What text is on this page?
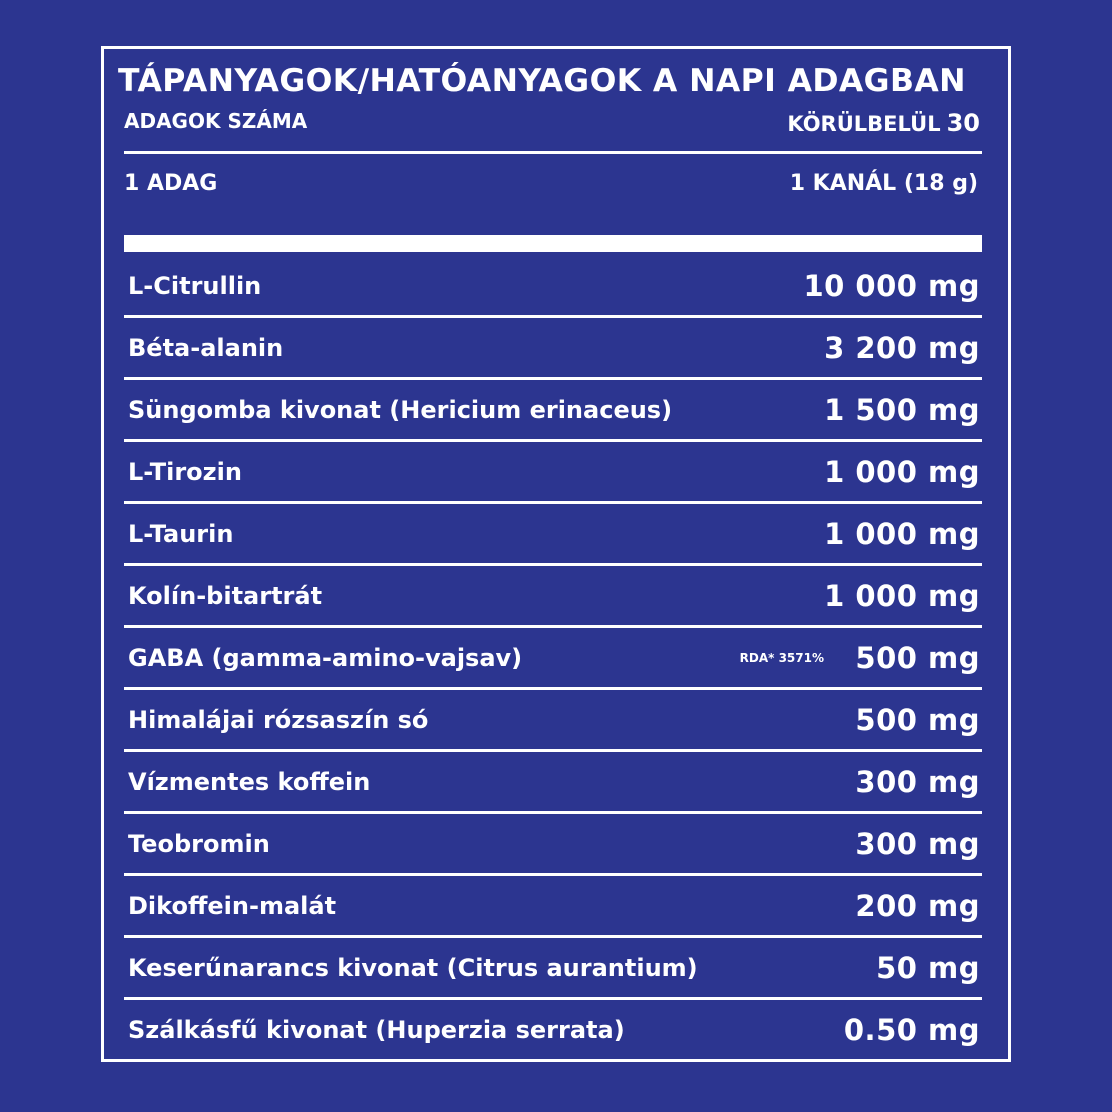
TÁPANYAGOK/HATÓANYAGOK A NAPI ADAGBAN
ADAGOK SZÁMA	KÖRÜLBELÜL 30
1 ADAG	1 KANÁL (18 g)
L-Citrullin	10 000 mg
Béta-alanin	3 200 mg
Süngomba kivonat (Hericium erinaceus)	1 500 mg
L-Tirozin	1 000 mg
L-Taurin	1 000 mg
Kolín-bitartrát	1 000 mg
GABA (gamma-amino-vajsav)	RDA* 3571% 500 mg
Himalájai rózsaszín só	500 mg
Vízmentes koffein	300 mg
Teobromin	300 mg
Dikoffein-malát	200 mg
Keserűnarancs kivonat (Citrus aurantium)	50 mg
Szálkásfű kivonat (Huperzia serrata)	0.50 mg
